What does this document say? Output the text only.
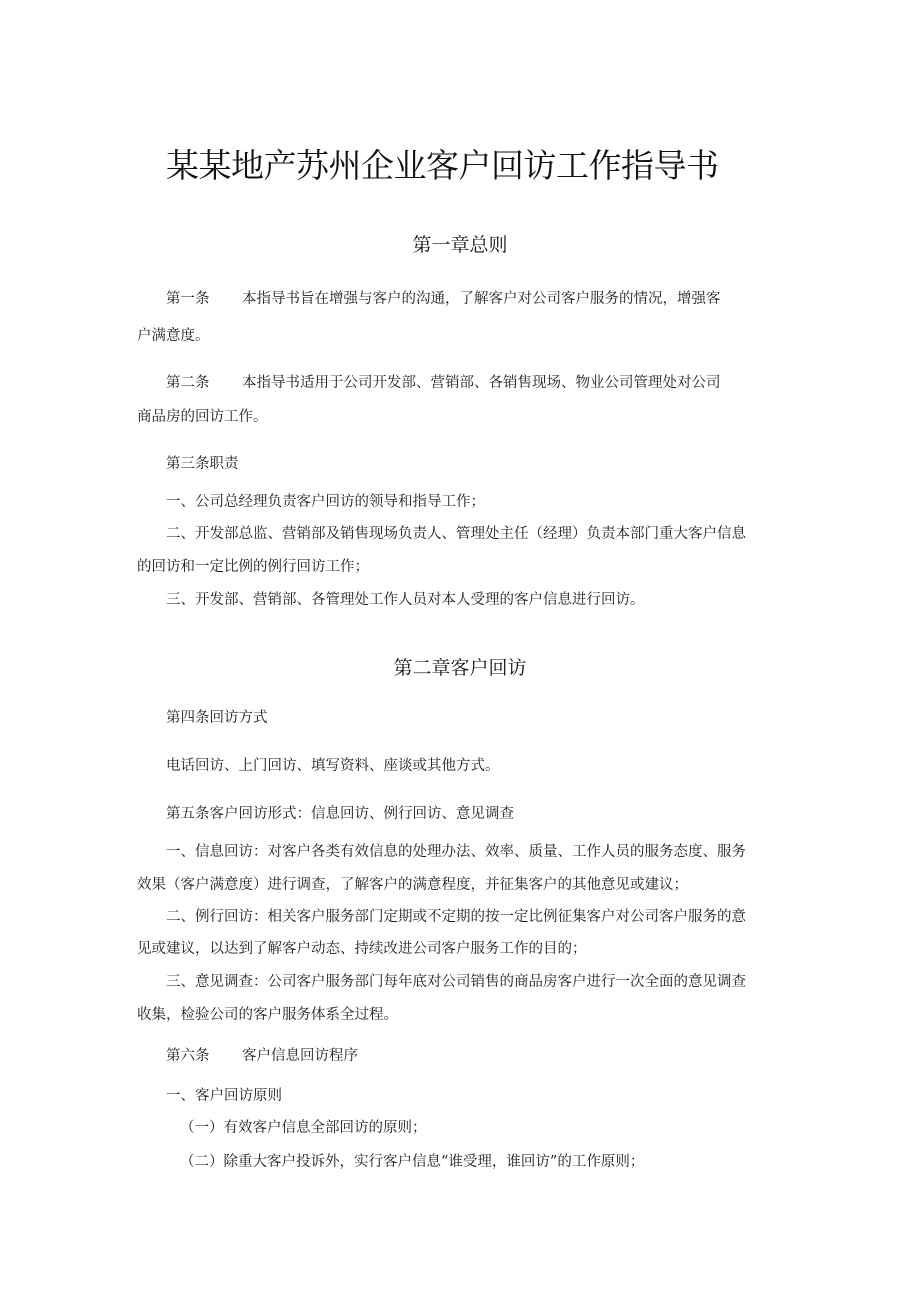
某某地产苏州企业客户回访工作指导书
第一章总则

第一条 本指导书旨在增强与客户的沟通，了解客户对公司客户服务的情况，增强客

户满意度。

第二条 本指导书适用于公司开发部、营销部、各销售现场、物业公司管理处对公司

商品房的回访工作。

第三条职责

一、公司总经理负责客户回访的领导和指导工作；

二、开发部总监、营销部及销售现场负责人、管理处主任（经理）负责本部门重大客户信息

的回访和一定比例的例行回访工作；

三、开发部、营销部、各管理处工作人员对本人受理的客户信息进行回访。

第二章客户回访

第四条回访方式

电话回访、上门回访、填写资料、座谈或其他方式。

第五条客户回访形式：信息回访、例行回访、意见调查

一、信息回访：对客户各类有效信息的处理办法、效率、质量、工作人员的服务态度、服务

效果（客户满意度）进行调查，了解客户的满意程度，并征集客户的其他意见或建议；

二、例行回访：相关客户服务部门定期或不定期的按一定比例征集客户对公司客户服务的意

见或建议，以达到了解客户动态、持续改进公司客户服务工作的目的；

三、意见调查：公司客户服务部门每年底对公司销售的商品房客户进行一次全面的意见调查

收集，检验公司的客户服务体系全过程。

第六条 客户信息回访程序

一、客户回访原则

（一）有效客户信息全部回访的原则；

（二）除重大客户投诉外，实行客户信息“谁受理，谁回访”的工作原则；
